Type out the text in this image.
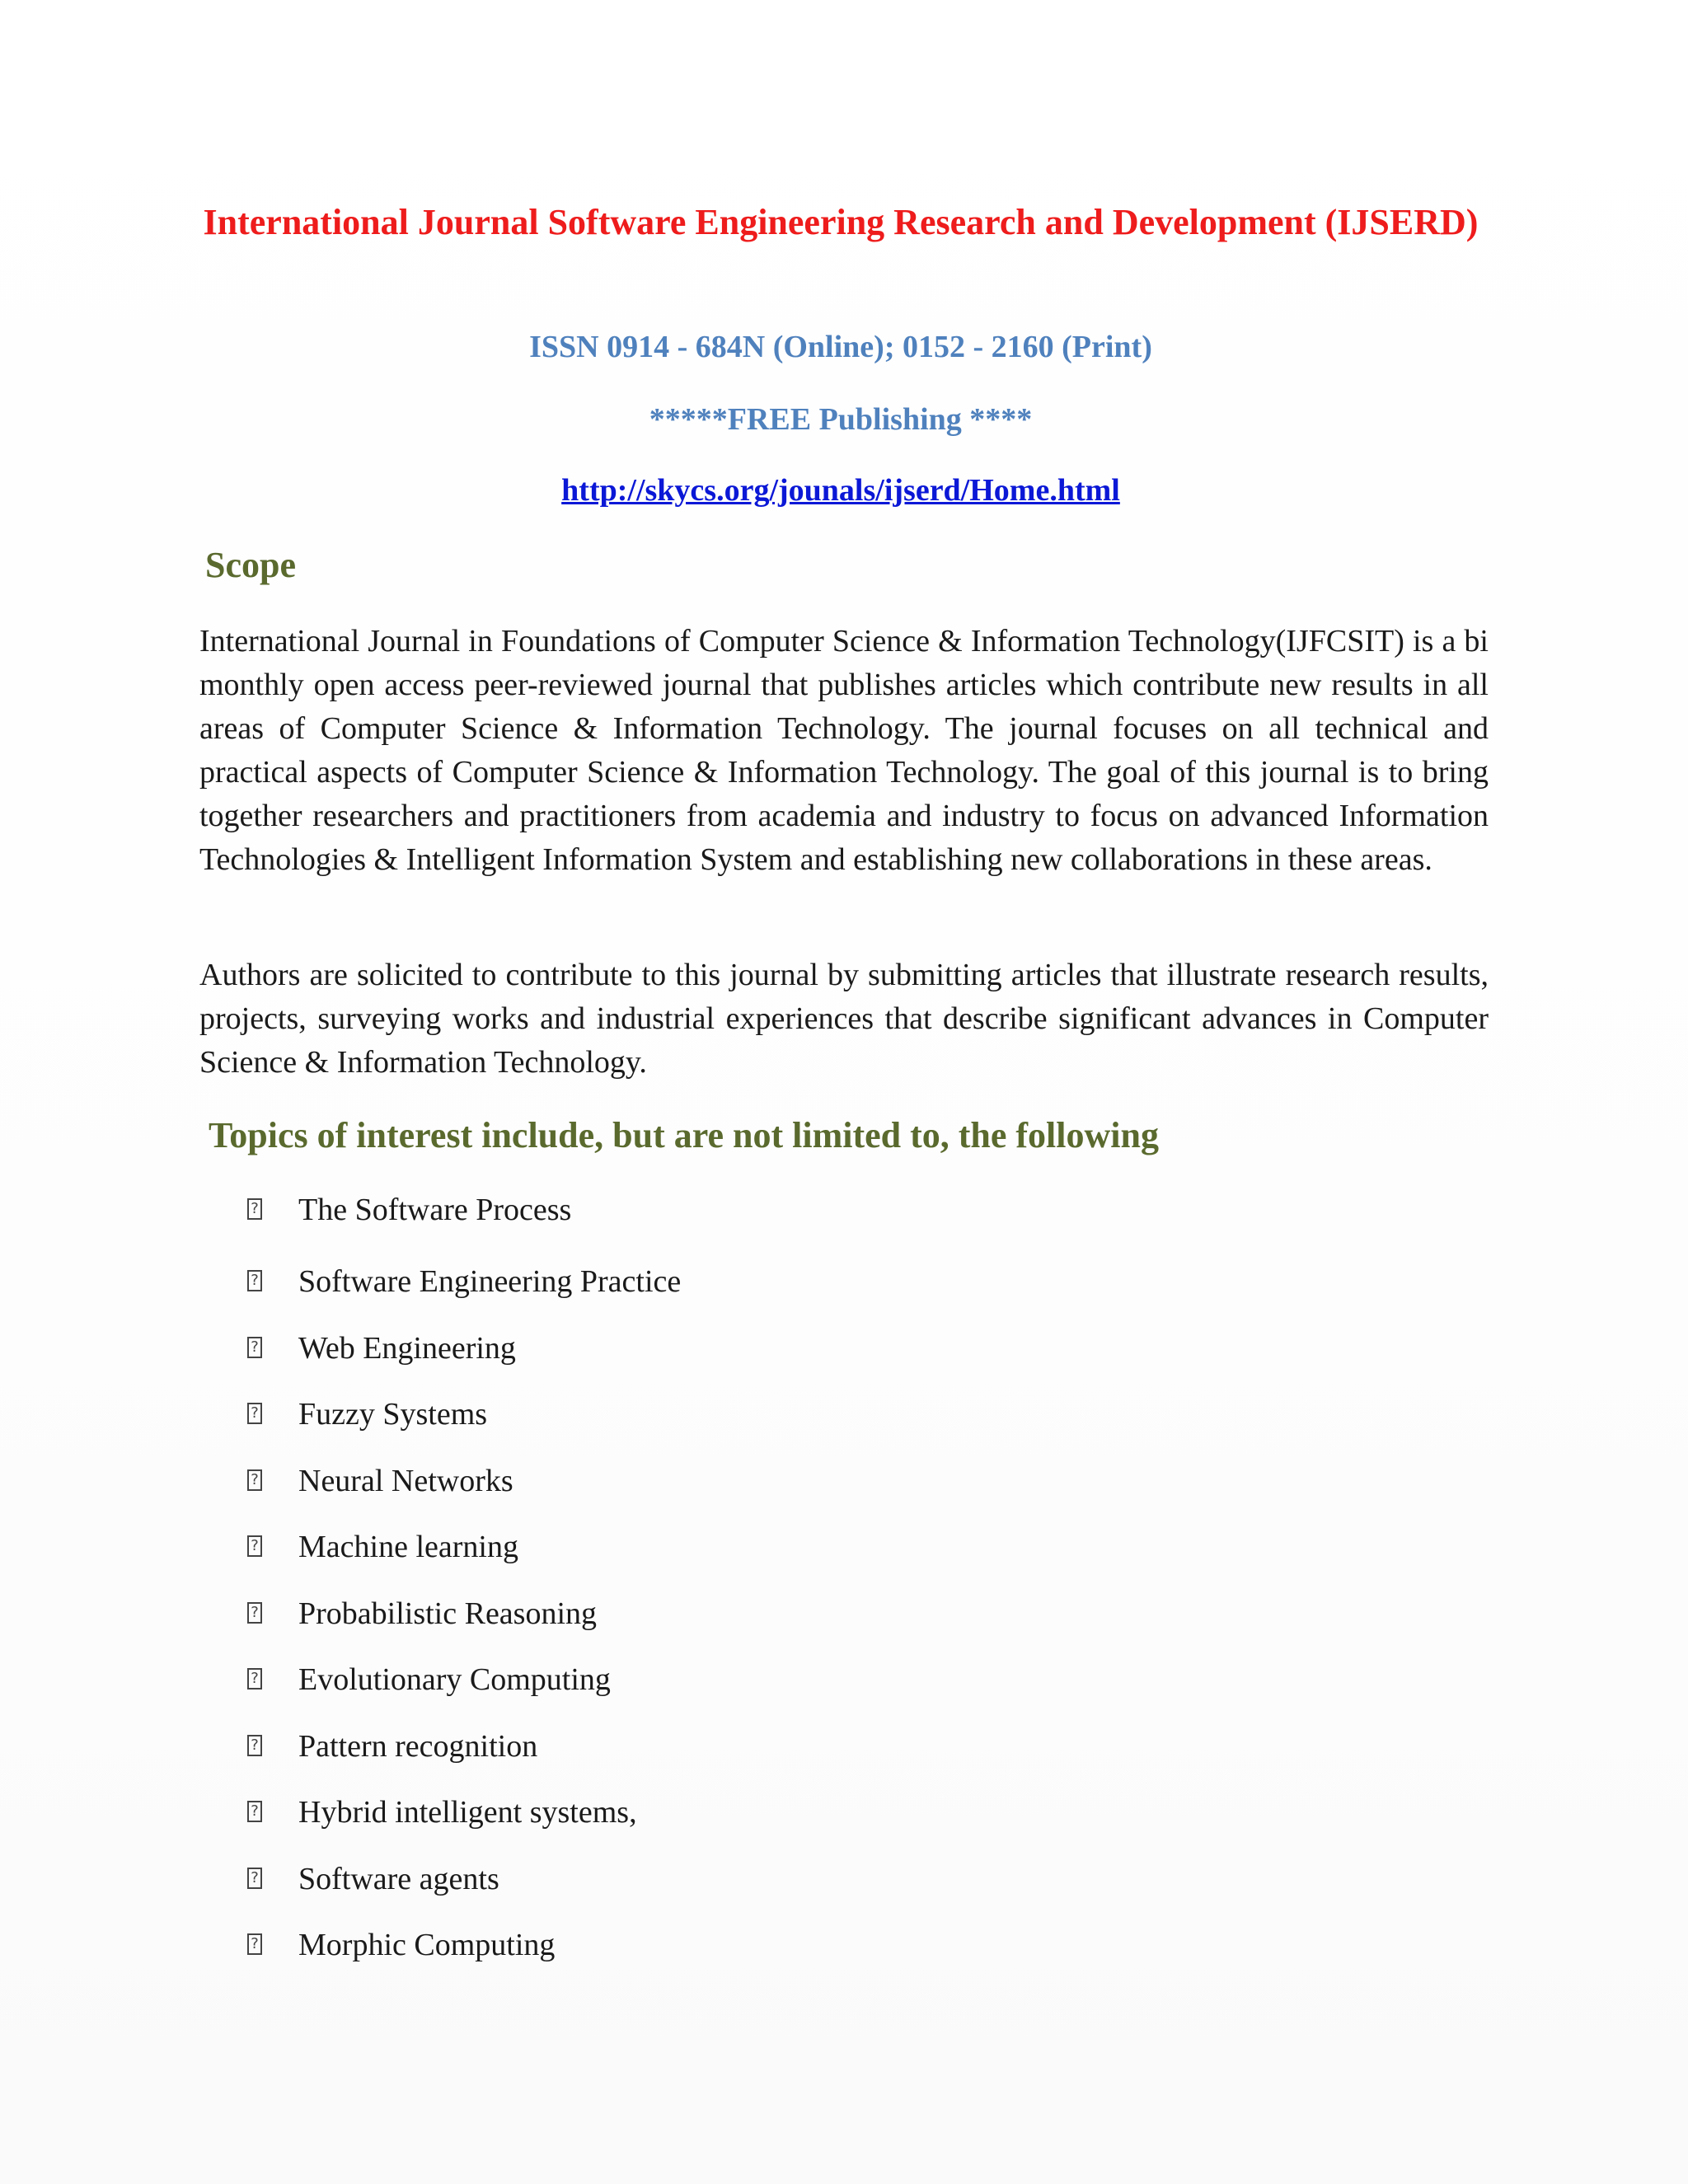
International Journal Software Engineering Research and Development (IJSERD)

ISSN 0914 - 684N (Online); 0152 - 2160 (Print)

*****FREE Publishing ****

http://skycs.org/jounals/ijserd/Home.html

Scope

International Journal in Foundations of Computer Science & Information Technology(IJFCSIT) is a bi monthly open access peer-reviewed journal that publishes articles which contribute new results in all areas of Computer Science & Information Technology. The journal focuses on all technical and practical aspects of Computer Science & Information Technology. The goal of this journal is to bring together researchers and practitioners from academia and industry to focus on advanced Information Technologies & Intelligent Information System and establishing new collaborations in these areas.

Authors are solicited to contribute to this journal by submitting articles that illustrate research results, projects, surveying works and industrial experiences that describe significant advances in Computer Science & Information Technology.

Topics of interest include, but are not limited to, the following
? The Software Process
? Software Engineering Practice
? Web Engineering
? Fuzzy Systems
? Neural Networks
? Machine learning
? Probabilistic Reasoning
? Evolutionary Computing
? Pattern recognition
? Hybrid intelligent systems,
? Software agents
? Morphic Computing
